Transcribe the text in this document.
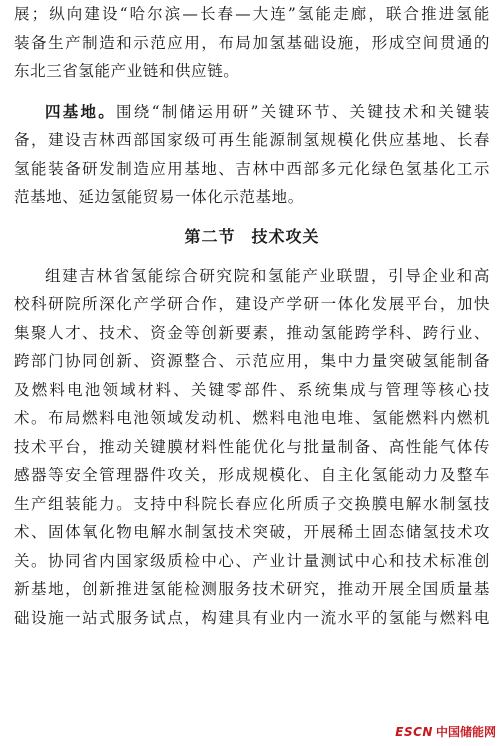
展；纵向建设“哈尔滨—长春—大连”氢能走廊，联合推进氢能
装备生产制造和示范应用，布局加氢基础设施，形成空间贯通的
东北三省氢能产业链和供应链。
四基地。围绕“制储运用研”关键环节、关键技术和关键装
备，建设吉林西部国家级可再生能源制氢规模化供应基地、长春
氢能装备研发制造应用基地、吉林中西部多元化绿色氢基化工示
范基地、延边氢能贸易一体化示范基地。
第二节 技术攻关
组建吉林省氢能综合研究院和氢能产业联盟，引导企业和高
校科研院所深化产学研合作，建设产学研一体化发展平台，加快
集聚人才、技术、资金等创新要素，推动氢能跨学科、跨行业、
跨部门协同创新、资源整合、示范应用，集中力量突破氢能制备
及燃料电池领域材料、关键零部件、系统集成与管理等核心技
术。布局燃料电池领域发动机、燃料电池电堆、氢能燃料内燃机
技术平台，推动关键膜材料性能优化与批量制备、高性能气体传
感器等安全管理器件攻关，形成规模化、自主化氢能动力及整车
生产组装能力。支持中科院长春应化所质子交换膜电解水制氢技
术、固体氧化物电解水制氢技术突破，开展稀土固态储氢技术攻
关。协同省内国家级质检中心、产业计量测试中心和技术标准创
新基地，创新推进氢能检测服务技术研究，推动开展全国质量基
础设施一站式服务试点，构建具有业内一流水平的氢能与燃料电
ESCN 中国储能网
